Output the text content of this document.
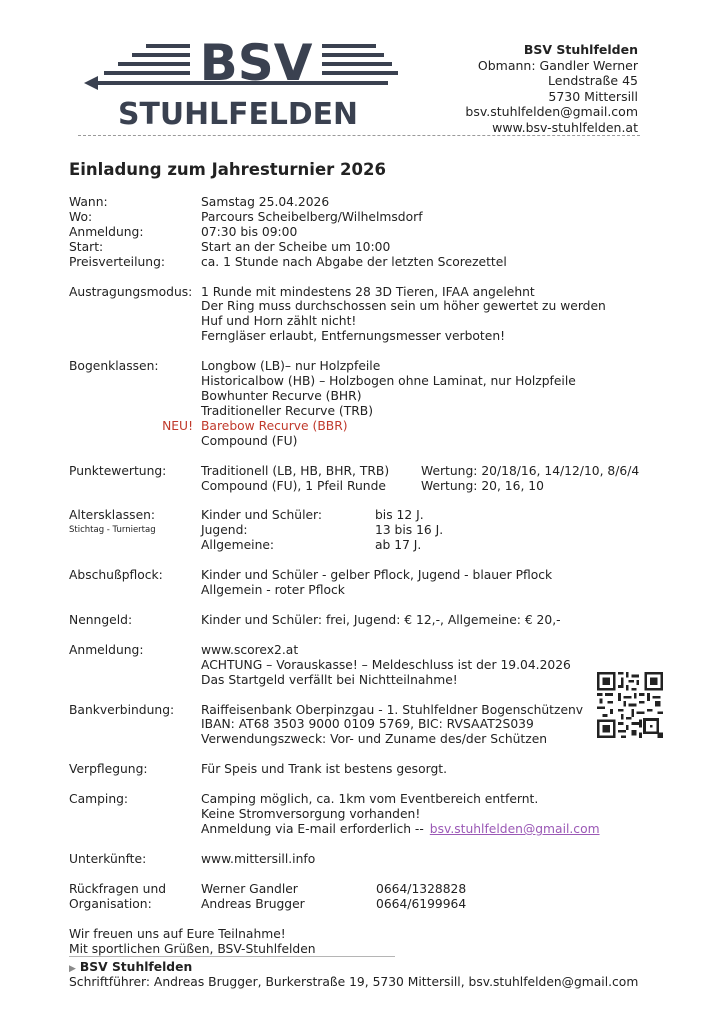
BSV
STUHLFELDEN
BSV Stuhlfelden
Obmann: Gandler Werner
Lendstraße 45
5730 Mittersill
bsv.stuhlfelden@gmail.com
www.bsv-stuhlfelden.at
Einladung zum Jahresturnier 2026
Wann:	Samstag 25.04.2026
Wo:	Parcours Scheibelberg/Wilhelmsdorf
Anmeldung:	07:30 bis 09:00
Start:	Start an der Scheibe um 10:00
Preisverteilung:	ca. 1 Stunde nach Abgabe der letzten Scorezettel
Austragungsmodus: 1 Runde mit mindestens 28 3D Tieren, IFAA angelehnt
Der Ring muss durchschossen sein um höher gewertet zu werden
Huf und Horn zählt nicht!
Ferngläser erlaubt, Entfernungsmesser verboten!
Bogenklassen:	Longbow (LB)– nur Holzpfeile
Historicalbow (HB) – Holzbogen ohne Laminat, nur Holzpfeile
Bowhunter Recurve (BHR)
Traditioneller Recurve (TRB)
NEU! Barebow Recurve (BBR)
Compound (FU)
Punktewertung:	Traditionell (LB, HB, BHR, TRB)	Wertung: 20/18/16, 14/12/10, 8/6/4
Compound (FU), 1 Pfeil Runde	Wertung: 20, 16, 10
Altersklassen:	Kinder und Schüler:	bis 12 J.
Stichtag - Turniertag	Jugend:	13 bis 16 J.
Allgemeine:	ab 17 J.
Abschußpflock:	Kinder und Schüler - gelber Pflock, Jugend - blauer Pflock
Allgemein - roter Pflock
Nenngeld:	Kinder und Schüler: frei, Jugend: € 12,-, Allgemeine: € 20,-
Anmeldung:	www.scorex2.at
ACHTUNG – Vorauskasse! – Meldeschluss ist der 19.04.2026
Das Startgeld verfällt bei Nichtteilnahme!
Bankverbindung:	Raiffeisenbank Oberpinzgau - 1. Stuhlfeldner Bogenschützenv
IBAN: AT68 3503 9000 0109 5769, BIC: RVSAAT2S039
Verwendungszweck: Vor- und Zuname des/der Schützen
Verpflegung:	Für Speis und Trank ist bestens gesorgt.
Camping:	Camping möglich, ca. 1km vom Eventbereich entfernt.
Keine Stromversorgung vorhanden!
Anmeldung via E-mail erforderlich -- bsv.stuhlfelden@gmail.com
Unterkünfte:	www.mittersill.info
Rückfragen und	Werner Gandler	0664/1328828
Organisation:	Andreas Brugger	0664/6199964
Wir freuen uns auf Eure Teilnahme!
Mit sportlichen Grüßen, BSV-Stuhlfelden
▶ BSV Stuhlfelden
Schriftführer: Andreas Brugger, Burkerstraße 19, 5730 Mittersill, bsv.stuhlfelden@gmail.com
